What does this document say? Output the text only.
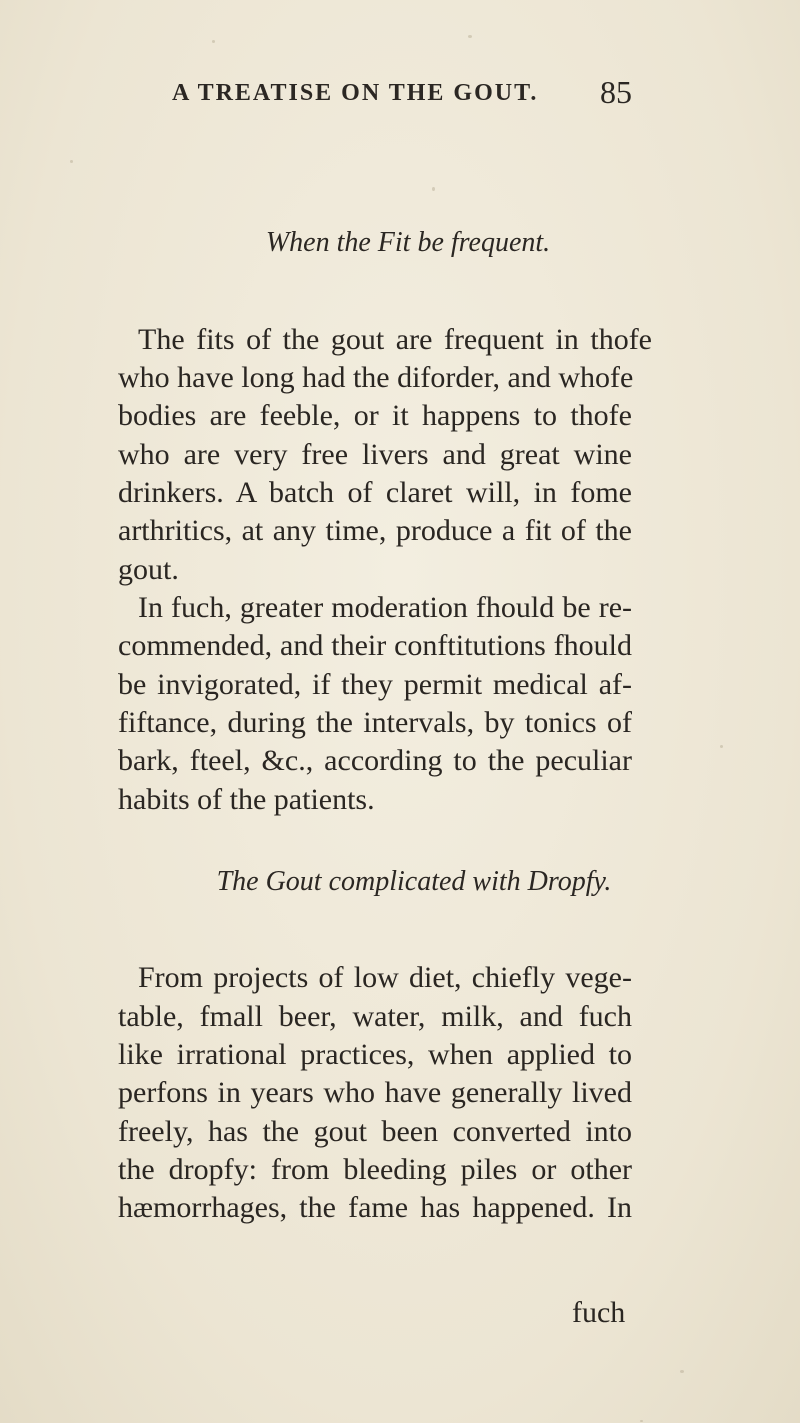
A TREATISE ON THE GOUT. 85
When the Fit be frequent.
The fits of the gout are frequent in thofe
who have long had the diforder, and whofe
bodies are feeble, or it happens to thofe
who are very free livers and great wine
drinkers. A batch of claret will, in fome
arthritics, at any time, produce a fit of the
gout.
In fuch, greater moderation fhould be re-
commended, and their conftitutions fhould
be invigorated, if they permit medical af-
fiftance, during the intervals, by tonics of
bark, fteel, &c., according to the peculiar
habits of the patients.
The Gout complicated with Dropfy.
From projects of low diet, chiefly vege-
table, fmall beer, water, milk, and fuch
like irrational practices, when applied to
perfons in years who have generally lived
freely, has the gout been converted into
the dropfy: from bleeding piles or other
hæmorrhages, the fame has happened. In
fuch
